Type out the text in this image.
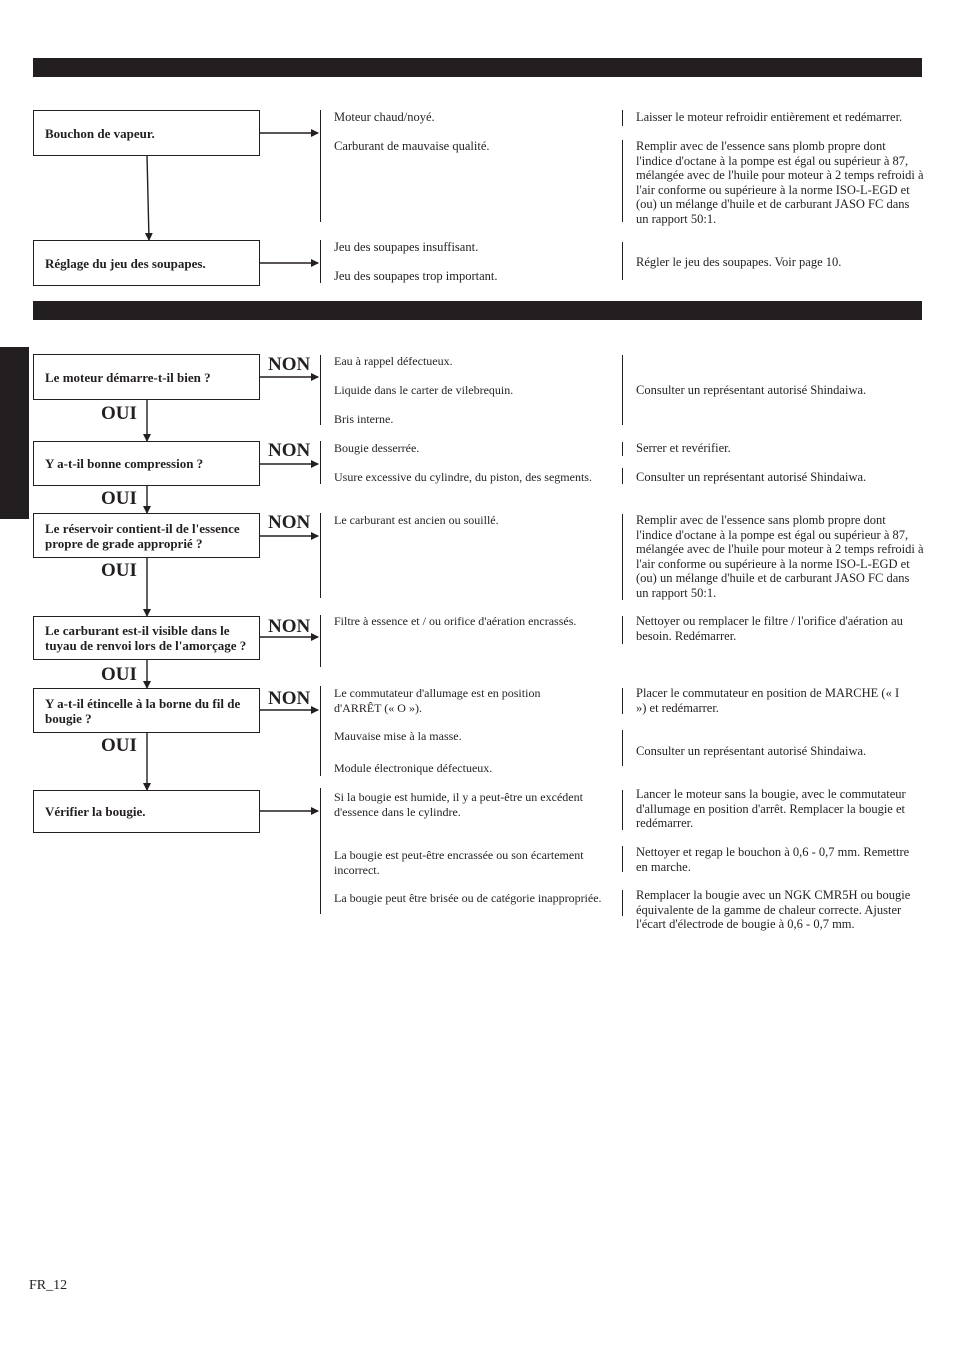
Bouchon de vapeur.
Moteur chaud/noyé.
Carburant de mauvaise qualité.
Laisser le moteur refroidir entièrement et redémarrer.
Remplir avec de l'essence sans plomb propre dont l'indice d'octane à la pompe est égal ou supérieur à 87, mélangée avec de l'huile pour moteur à 2 temps refroidi à l'air conforme ou supérieure à la norme ISO-L-EGD et (ou) un mélange d'huile et de carburant JASO FC dans un rapport 50:1.
Réglage du jeu des soupapes.
Jeu des soupapes insuffisant.
Jeu des soupapes trop important.
Régler le jeu des soupapes. Voir page 10.
Le moteur démarre-t-il bien ?
NON
OUI
Eau à rappel défectueux.
Liquide dans le carter de vilebrequin.
Bris interne.
Consulter un représentant autorisé Shindaiwa.
Y a-t-il bonne compression ?
NON
OUI
Bougie desserrée.
Usure excessive du cylindre, du piston, des segments.
Serrer et revérifier.
Consulter un représentant autorisé Shindaiwa.
Le réservoir contient-il de l'essence propre de grade approprié ?
NON
OUI
Le carburant est ancien ou souillé.	Remplir avec de l'essence sans plomb propre dont l'indice d'octane à la pompe est égal ou supérieur à 87, mélangée avec de l'huile pour moteur à 2 temps refroidi à l'air conforme ou supérieure à la norme ISO-L-EGD et (ou) un mélange d'huile et de carburant JASO FC dans un rapport 50:1.
Le carburant est-il visible dans le tuyau de renvoi lors de l'amorçage ?
NON
OUI
Filtre à essence et / ou orifice d'aération encrassés.	Nettoyer ou remplacer le filtre / l'orifice d'aération au besoin. Redémarrer.
Y a-t-il étincelle à la borne du fil de bougie ?
NON
OUI
Le commutateur d'allumage est en position d'ARRÊT (« O »).
Mauvaise mise à la masse.
Module électronique défectueux.
Placer le commutateur en position de MARCHE (« I ») et redémarrer.
Consulter un représentant autorisé Shindaiwa.
Vérifier la bougie.
Si la bougie est humide, il y a peut-être un excédent d'essence dans le cylindre.
La bougie est peut-être encrassée ou son écartement incorrect.
La bougie peut être brisée ou de catégorie inappropriée.
Lancer le moteur sans la bougie, avec le commutateur d'allumage en position d'arrêt. Remplacer la bougie et redémarrer.
Nettoyer et regap le bouchon à 0,6 - 0,7 mm. Remettre en marche.
Remplacer la bougie avec un NGK CMR5H ou bougie équivalente de la gamme de chaleur correcte. Ajuster l'écart d'électrode de bougie à 0,6 - 0,7 mm.
FR_12
